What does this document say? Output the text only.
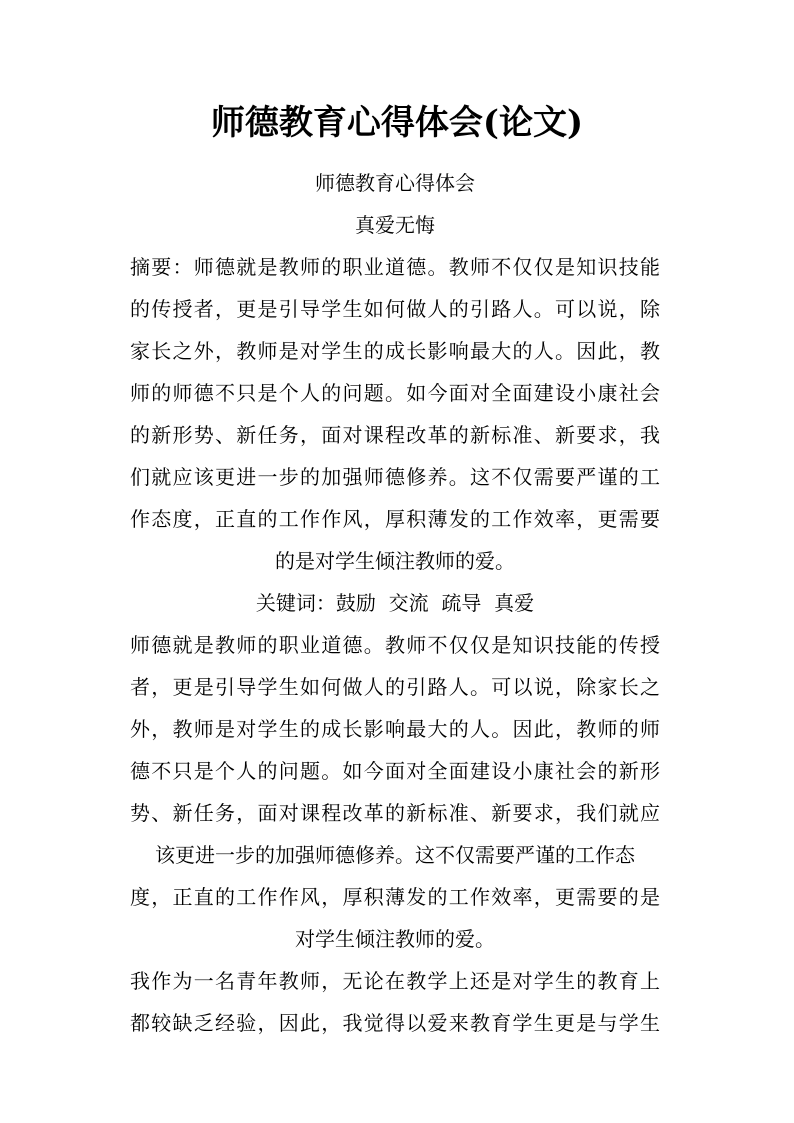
师德教育心得体会(论文)
师德教育心得体会
真爱无悔
摘要：师德就是教师的职业道德。教师不仅仅是知识技能
的传授者，更是引导学生如何做人的引路人。可以说，除
家长之外，教师是对学生的成长影响最大的人。因此，教
师的师德不只是个人的问题。如今面对全面建设小康社会
的新形势、新任务，面对课程改革的新标准、新要求，我
们就应该更进一步的加强师德修养。这不仅需要严谨的工
作态度，正直的工作作风，厚积薄发的工作效率，更需要
的是对学生倾注教师的爱。
关键词：鼓励  交流  疏导  真爱
师德就是教师的职业道德。教师不仅仅是知识技能的传授
者，更是引导学生如何做人的引路人。可以说，除家长之
外，教师是对学生的成长影响最大的人。因此，教师的师
德不只是个人的问题。如今面对全面建设小康社会的新形
势、新任务，面对课程改革的新标准、新要求，我们就应
该更进一步的加强师德修养。这不仅需要严谨的工作态
度，正直的工作作风，厚积薄发的工作效率，更需要的是
对学生倾注教师的爱。
我作为一名青年教师，无论在教学上还是对学生的教育上
都较缺乏经验，因此，我觉得以爱来教育学生更是与学生
